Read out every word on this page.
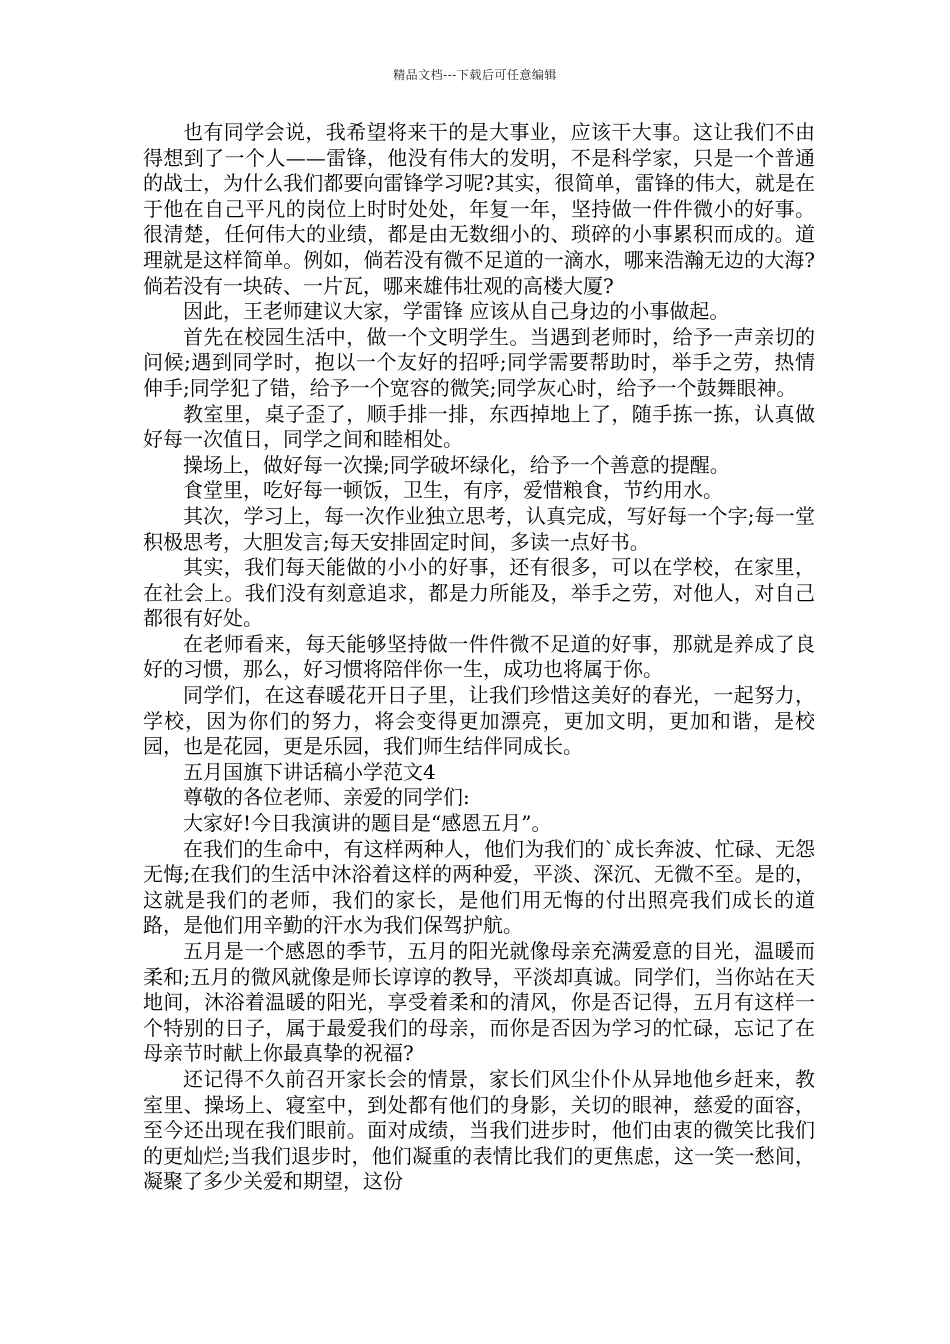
精品文档---下载后可任意编辑

也有同学会说，我希望将来干的是大事业，应该干大事。这让我们不由得想到了一个人——雷锋，他没有伟大的发明，不是科学家，只是一个普通的战士，为什么我们都要向雷锋学习呢?其实，很简单，雷锋的伟大，就是在于他在自己平凡的岗位上时时处处，年复一年，坚持做一件件微小的好事。很清楚，任何伟大的业绩，都是由无数细小的、琐碎的小事累积而成的。道理就是这样简单。例如，倘若没有微不足道的一滴水，哪来浩瀚无边的大海?倘若没有一块砖、一片瓦，哪来雄伟壮观的高楼大厦?

因此，王老师建议大家，学雷锋 应该从自己身边的小事做起。

首先在校园生活中，做一个文明学生。当遇到老师时，给予一声亲切的问候;遇到同学时，抱以一个友好的招呼;同学需要帮助时，举手之劳，热情伸手;同学犯了错，给予一个宽容的微笑;同学灰心时，给予一个鼓舞眼神。

教室里，桌子歪了，顺手排一排，东西掉地上了，随手拣一拣，认真做好每一次值日，同学之间和睦相处。

操场上，做好每一次操;同学破坏绿化，给予一个善意的提醒。

食堂里，吃好每一顿饭，卫生，有序，爱惜粮食，节约用水。

其次，学习上，每一次作业独立思考，认真完成，写好每一个字;每一堂积极思考，大胆发言;每天安排固定时间，多读一点好书。

其实，我们每天能做的小小的好事，还有很多，可以在学校，在家里，在社会上。我们没有刻意追求，都是力所能及，举手之劳，对他人，对自己都很有好处。

在老师看来，每天能够坚持做一件件微不足道的好事，那就是养成了良好的习惯，那么，好习惯将陪伴你一生，成功也将属于你。

同学们，在这春暖花开日子里，让我们珍惜这美好的春光，一起努力，学校，因为你们的努力，将会变得更加漂亮，更加文明，更加和谐，是校园，也是花园，更是乐园，我们师生结伴同成长。

五月国旗下讲话稿小学范文4

尊敬的各位老师、亲爱的同学们:

大家好!今日我演讲的题目是“感恩五月”。

在我们的生命中，有这样两种人，他们为我们的`成长奔波、忙碌、无怨无悔;在我们的生活中沐浴着这样的两种爱，平淡、深沉、无微不至。是的，这就是我们的老师，我们的家长，是他们用无悔的付出照亮我们成长的道路，是他们用辛勤的汗水为我们保驾护航。

五月是一个感恩的季节，五月的阳光就像母亲充满爱意的目光，温暖而柔和;五月的微风就像是师长谆谆的教导，平淡却真诚。同学们，当你站在天地间，沐浴着温暖的阳光，享受着柔和的清风，你是否记得，五月有这样一个特别的日子，属于最爱我们的母亲，而你是否因为学习的忙碌，忘记了在母亲节时献上你最真挚的祝福?

还记得不久前召开家长会的情景，家长们风尘仆仆从异地他乡赶来，教室里、操场上、寝室中，到处都有他们的身影，关切的眼神，慈爱的面容，至今还出现在我们眼前。面对成绩，当我们进步时，他们由衷的微笑比我们的更灿烂;当我们退步时，他们凝重的表情比我们的更焦虑，这一笑一愁间，凝聚了多少关爱和期望，这份
